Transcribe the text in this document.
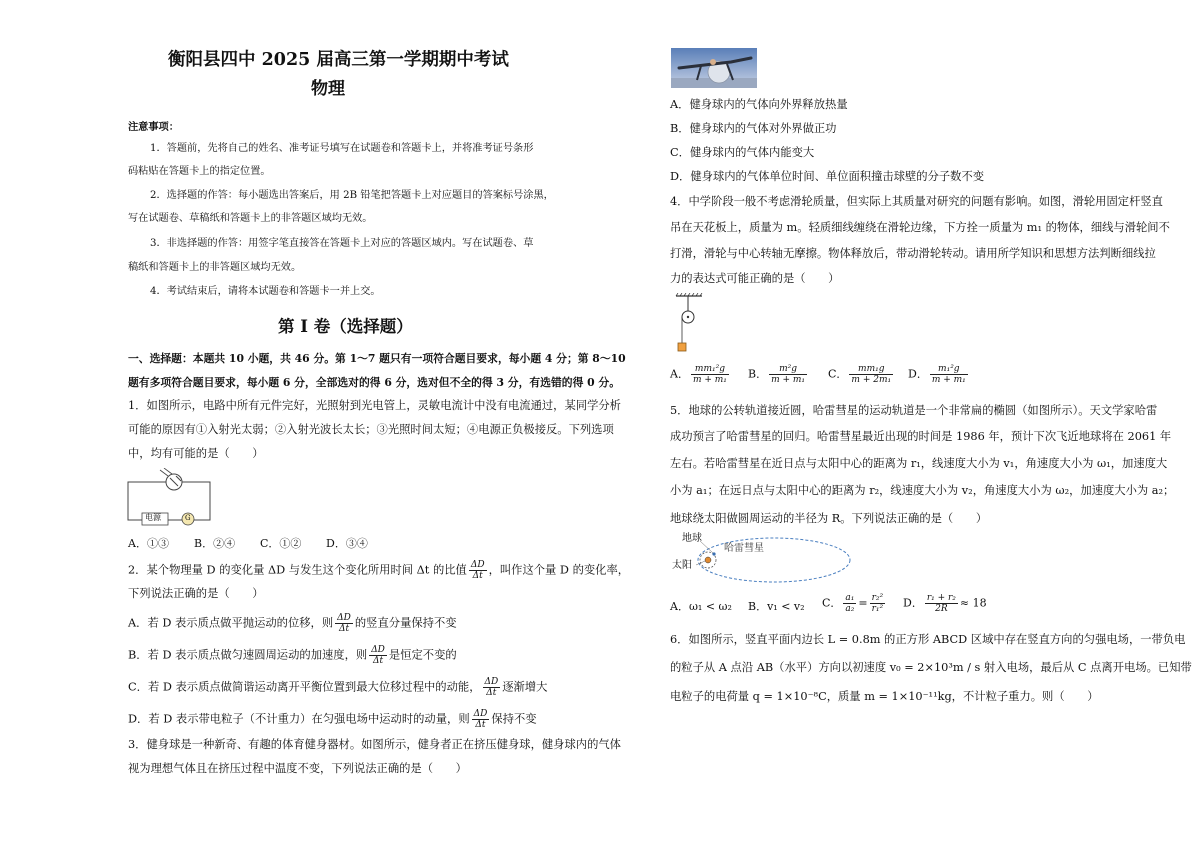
衡阳县四中 2025 届高三第一学期期中考试
物理
注意事项：
1．答题前，先将自己的姓名、准考证号填写在试题卷和答题卡上，并将准考证号条形
码粘贴在答题卡上的指定位置。
2．选择题的作答：每小题选出答案后，用 2B 铅笔把答题卡上对应题目的答案标号涂黑，
写在试题卷、草稿纸和答题卡上的非答题区域均无效。
3．非选择题的作答：用签字笔直接答在答题卡上对应的答题区域内。写在试题卷、草
稿纸和答题卡上的非答题区域均无效。
4．考试结束后，请将本试题卷和答题卡一并上交。
第 I 卷（选择题）
一、选择题：本题共 10 小题，共 46 分。第 1～7 题只有一项符合题目要求，每小题 4 分；第 8～10
题有多项符合题目要求，每小题 6 分，全部选对的得 6 分，选对但不全的得 3 分，有选错的得 0 分。
1．如图所示，电路中所有元件完好，光照射到光电管上，灵敏电流计中没有电流通过，某同学分析
可能的原因有①入射光太弱；②入射光波长太长；③光照时间太短；④电源正负极接反。下列选项
中，均有可能的是（　　）
电源	G
A．①③ B．②④ C．①② D．③④
2．某个物理量 D 的变化量 ΔD 与发生这个变化所用时间 Δt 的比值 $\frac{\Delta D}{\Delta t}$ ，叫作这个量 D 的变化率，
下列说法正确的是（　　）
A．若 D 表示质点做平抛运动的位移，则 $\frac{\Delta D}{\Delta t}$ 的竖直分量保持不变
B．若 D 表示质点做匀速圆周运动的加速度，则 $\frac{\Delta D}{\Delta t}$ 是恒定不变的
C．若 D 表示质点做简谐运动离开平衡位置到最大位移过程中的动能， $\frac{\Delta D}{\Delta t}$ 逐渐增大
D．若 D 表示带电粒子（不计重力）在匀强电场中运动时的动量，则 $\frac{\Delta D}{\Delta t}$ 保持不变
3．健身球是一种新奇、有趣的体育健身器材。如图所示，健身者正在挤压健身球，健身球内的气体
视为理想气体且在挤压过程中温度不变，下列说法正确的是（　　）
A．健身球内的气体向外界释放热量
B．健身球内的气体对外界做正功
C．健身球内的气体内能变大
D．健身球内的气体单位时间、单位面积撞击球壁的分子数不变
4．中学阶段一般不考虑滑轮质量，但实际上其质量对研究的问题有影响。如图，滑轮用固定杆竖直
吊在天花板上，质量为 m。轻质细线缠绕在滑轮边缘，下方拴一质量为 m₁ 的物体，细线与滑轮间不
打滑，滑轮与中心转轴无摩擦。物体释放后，带动滑轮转动。请用所学知识和思想方法判断细线拉
力的表达式可能正确的是（　　）
A． $\frac{\text{mm₁²g}}{\text{m + m₁}}$ B． $\frac{\text{m²g}}{\text{m + m₁}}$ C． $\frac{\text{mm₁g}}{\text{m + 2m₁}}$ D． $\frac{\text{m₁²g}}{\text{m + m₁}}$
5．地球的公转轨道接近圆，哈雷彗星的运动轨道是一个非常扁的椭圆（如图所示）。天文学家哈雷
成功预言了哈雷彗星的回归。哈雷彗星最近出现的时间是 1986 年，预计下次飞近地球将在 2061 年
左右。若哈雷彗星在近日点与太阳中心的距离为 r₁，线速度大小为 v₁，角速度大小为 ω₁，加速度大
小为 a₁；在远日点与太阳中心的距离为 r₂，线速度大小为 v₂，角速度大小为 ω₂，加速度大小为 a₂；
地球绕太阳做圆周运动的半径为 R。下列说法正确的是（　　）
地球
哈雷彗星
太阳
A．ω₁ < ω₂ B．v₁ < v₂ C． $\frac{\text{a₁}}{\text{a₂}} = \frac{\text{r₂²}}{\text{r₁²}}$ D． $\frac{\text{r₁ + r₂}}{2R} \approx 18$
6．如图所示，竖直平面内边长 L = 0.8m 的正方形 ABCD 区域中存在竖直方向的匀强电场，一带负电
的粒子从 A 点沿 AB（水平）方向以初速度 v₀ = 2×10³m / s 射入电场，最后从 C 点离开电场。已知带
电粒子的电荷量 q = 1×10⁻⁸C，质量 m = 1×10⁻¹¹kg，不计粒子重力。则（　　）
